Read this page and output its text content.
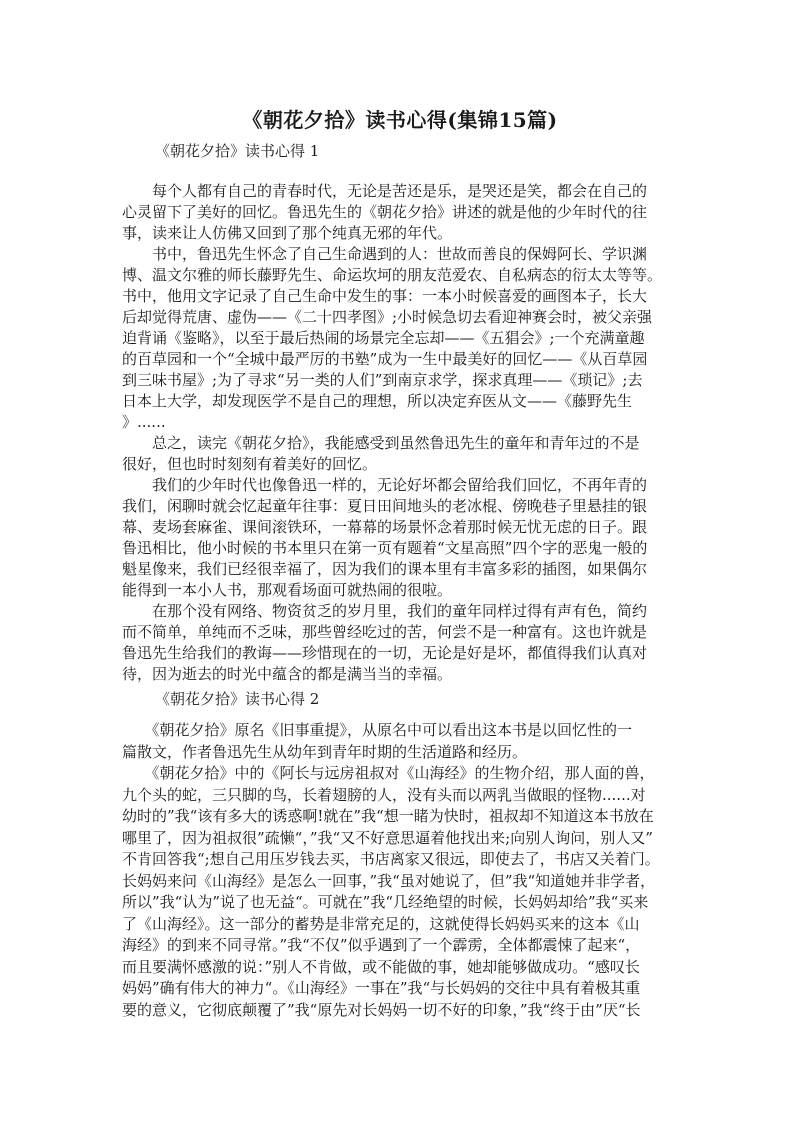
《朝花夕拾》读书心得(集锦15篇)
《朝花夕拾》读书心得 1
　　每个人都有自己的青春时代，无论是苦还是乐，是哭还是笑，都会在自己的
心灵留下了美好的回忆。鲁迅先生的《朝花夕拾》讲述的就是他的少年时代的往
事，读来让人仿佛又回到了那个纯真无邪的年代。
　　书中，鲁迅先生怀念了自己生命遇到的人：世故而善良的保姆阿长、学识渊
博、温文尔雅的师长藤野先生、命运坎坷的朋友范爱农、自私病态的衍太太等等。
书中，他用文字记录了自己生命中发生的事：一本小时候喜爱的画图本子，长大
后却觉得荒唐、虚伪——《二十四孝图》;小时候急切去看迎神赛会时，被父亲强
迫背诵《鉴略》，以至于最后热闹的场景完全忘却——《五猖会》;一个充满童趣
的百草园和一个“全城中最严厉的书塾”成为一生中最美好的回忆——《从百草园
到三味书屋》;为了寻求“另一类的人们”到南京求学，探求真理——《琐记》;去
日本上大学，却发现医学不是自己的理想，所以决定弃医从文——《藤野先生
》......
　　总之，读完《朝花夕拾》，我能感受到虽然鲁迅先生的童年和青年过的不是
很好，但也时时刻刻有着美好的回忆。
　　我们的少年时代也像鲁迅一样的，无论好坏都会留给我们回忆，不再年青的
我们，闲聊时就会忆起童年往事：夏日田间地头的老冰棍、傍晚巷子里悬挂的银
幕、麦场套麻雀、课间滚铁环，一幕幕的场景怀念着那时候无忧无虑的日子。跟
鲁迅相比，他小时候的书本里只在第一页有题着“文星高照”四个字的恶鬼一般的
魁星像来，我们已经很幸福了，因为我们的课本里有丰富多彩的插图，如果偶尔
能得到一本小人书，那观看场面可就热闹的很啦。
　　在那个没有网络、物资贫乏的岁月里，我们的童年同样过得有声有色，简约
而不简单，单纯而不乏味，那些曾经吃过的苦，何尝不是一种富有。这也许就是
鲁迅先生给我们的教诲——珍惜现在的一切，无论是好是坏，都值得我们认真对
待，因为逝去的时光中蕴含的都是满当当的幸福。
《朝花夕拾》读书心得 2
　　《朝花夕拾》原名《旧事重提》，从原名中可以看出这本书是以回忆性的一
篇散文，作者鲁迅先生从幼年到青年时期的生活道路和经历。
　　《朝花夕拾》中的《阿长与远房祖叔对《山海经》的生物介绍，那人面的兽，
九个头的蛇，三只脚的鸟，长着翅膀的人，没有头而以两乳当做眼的怪物......对
幼时的”我“该有多大的诱惑啊!就在”我“想一睹为快时，祖叔却不知道这本书放在
哪里了，因为祖叔很”疏懒“，”我“又不好意思逼着他找出来;向别人询问，别人又”
不肯回答我“;想自己用压岁钱去买，书店离家又很远，即使去了，书店又关着门。
长妈妈来问《山海经》是怎么一回事，”我“虽对她说了，但”我“知道她并非学者，
所以”我“认为”说了也无益“。可就在”我“几经绝望的时候，长妈妈却给”我“买来
了《山海经》。这一部分的蓄势是非常充足的，这就使得长妈妈买来的这本《山
海经》的到来不同寻常。”我“不仅”似乎遇到了一个霹雳，全体都震悚了起来“，
而且要满怀感激的说：”别人不肯做，或不能做的事，她却能够做成功。“感叹长
妈妈”确有伟大的神力“。《山海经》一事在”我“与长妈妈的交往中具有着极其重
要的意义，它彻底颠覆了”我“原先对长妈妈一切不好的印象，”我“终于由”厌“长
